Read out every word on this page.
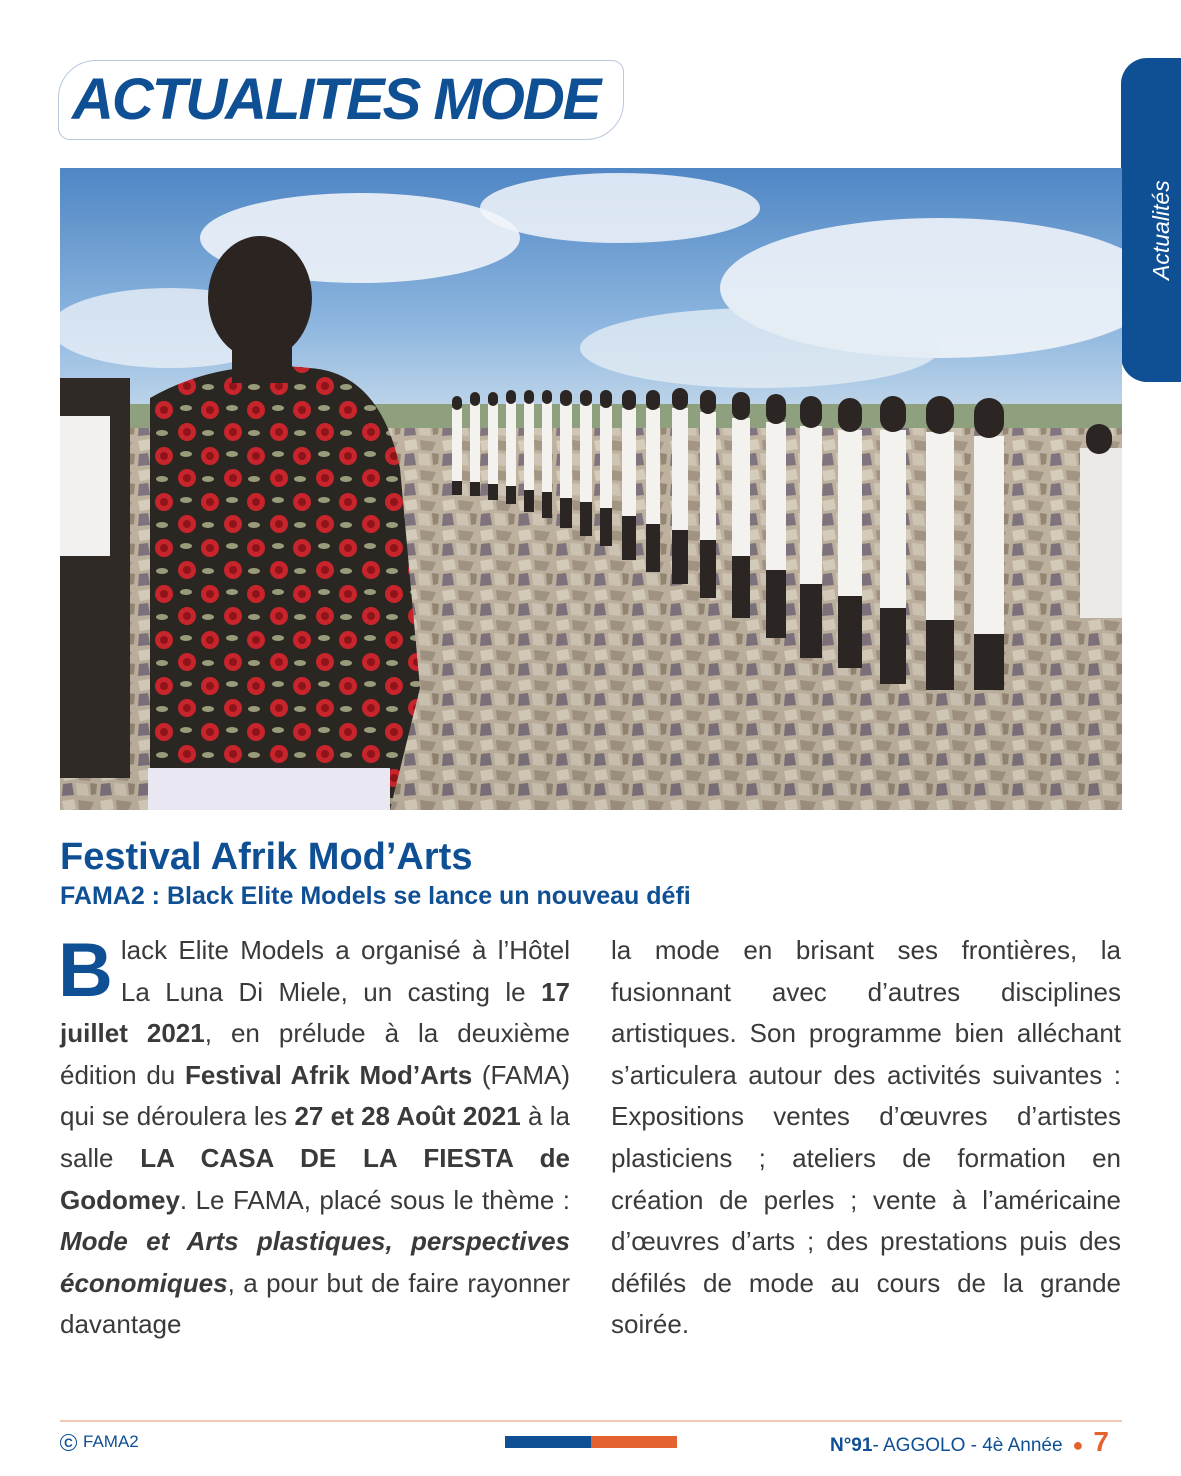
ACTUALITES MODE
Actualités
Festival Afrik Mod’Arts
FAMA2 : Black Elite Models se lance un nouveau défi

Black Elite Models a organisé à l’Hôtel La Luna Di Miele, un casting le 17 juillet 2021, en prélude à la deuxième édition du Festival Afrik Mod’Arts (FAMA) qui se déroulera les 27 et 28 Août 2021 à la salle LA CASA DE LA FIESTA de Godomey. Le FAMA, placé sous le thème : Mode et Arts plastiques, perspectives économiques, a pour but de faire rayonner davantage

la mode en brisant ses frontières, la fusionnant avec d’autres disciplines artistiques. Son programme bien alléchant s’articulera autour des activités suivantes : Expositions ventes d’œuvres d’artistes plasticiens ; ateliers de formation en création de perles ; vente à l’américaine d’œuvres d’arts ; des prestations puis des défilés de mode au cours de la grande soirée.

C FAMA2	N°91 - AGGOLO - 4è Année ● 7
